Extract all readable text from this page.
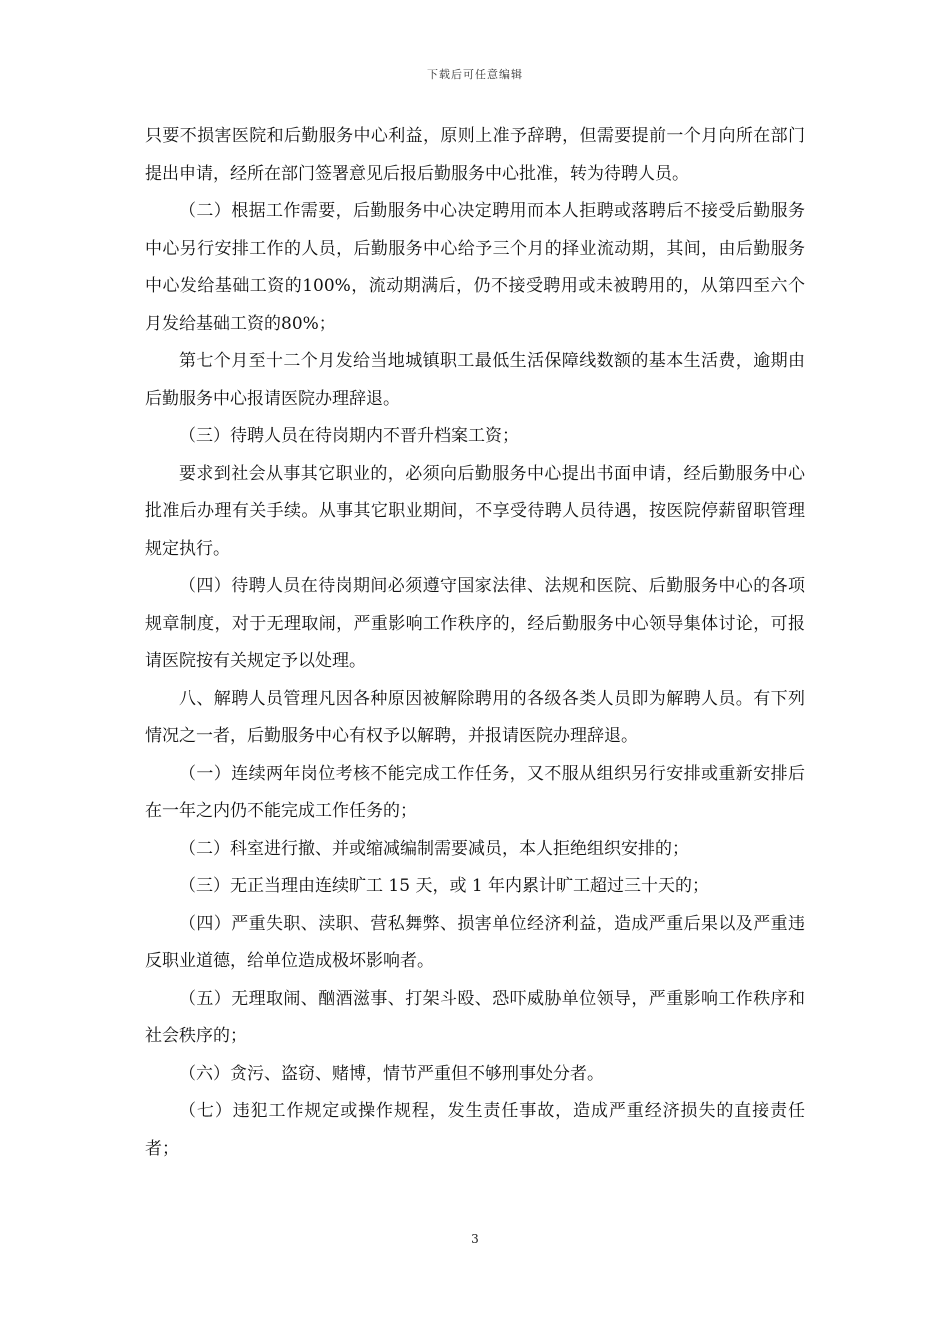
下载后可任意编辑

只要不损害医院和后勤服务中心利益，原则上准予辞聘，但需要提前一个月向所在部门提出申请，经所在部门签署意见后报后勤服务中心批准，转为待聘人员。

（二）根据工作需要，后勤服务中心决定聘用而本人拒聘或落聘后不接受后勤服务中心另行安排工作的人员，后勤服务中心给予三个月的择业流动期，其间，由后勤服务中心发给基础工资的100%，流动期满后，仍不接受聘用或未被聘用的，从第四至六个月发给基础工资的80%；

第七个月至十二个月发给当地城镇职工最低生活保障线数额的基本生活费，逾期由后勤服务中心报请医院办理辞退。

（三）待聘人员在待岗期内不晋升档案工资；

要求到社会从事其它职业的，必须向后勤服务中心提出书面申请，经后勤服务中心批准后办理有关手续。从事其它职业期间，不享受待聘人员待遇，按医院停薪留职管理规定执行。

（四）待聘人员在待岗期间必须遵守国家法律、法规和医院、后勤服务中心的各项规章制度，对于无理取闹，严重影响工作秩序的，经后勤服务中心领导集体讨论，可报请医院按有关规定予以处理。

八、解聘人员管理凡因各种原因被解除聘用的各级各类人员即为解聘人员。有下列情况之一者，后勤服务中心有权予以解聘，并报请医院办理辞退。

（一）连续两年岗位考核不能完成工作任务，又不服从组织另行安排或重新安排后在一年之内仍不能完成工作任务的；

（二）科室进行撤、并或缩减编制需要减员，本人拒绝组织安排的；

（三）无正当理由连续旷工 15 天，或 1 年内累计旷工超过三十天的；

（四）严重失职、渎职、营私舞弊、损害单位经济利益，造成严重后果以及严重违反职业道德，给单位造成极坏影响者。

（五）无理取闹、酗酒滋事、打架斗殴、恐吓威胁单位领导，严重影响工作秩序和社会秩序的；

（六）贪污、盗窃、赌博，情节严重但不够刑事处分者。

（七）违犯工作规定或操作规程，发生责任事故，造成严重经济损失的直接责任者；

3
